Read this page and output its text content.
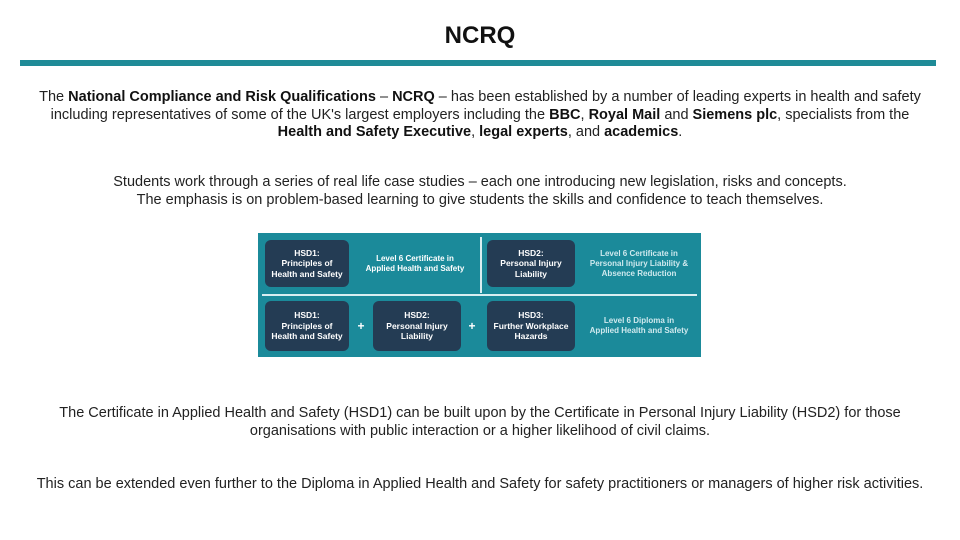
NCRQ
The National Compliance and Risk Qualifications – NCRQ – has been established by a number of leading experts in health and safety including representatives of some of the UK's largest employers including the BBC, Royal Mail and Siemens plc, specialists from the Health and Safety Executive, legal experts, and academics.
Students work through a series of real life case studies – each one introducing new legislation, risks and concepts.
The emphasis is on problem-based learning to give students the skills and confidence to teach themselves.
HSD1:
Principles of
Health and Safety
Level 6 Certificate in
Applied Health and Safety
HSD2:
Personal Injury
Liability
Level 6 Certificate in
Personal Injury Liability &
Absence Reduction
HSD1:
Principles of
Health and Safety
+
HSD2:
Personal Injury
Liability
+
HSD3:
Further Workplace
Hazards
Level 6 Diploma in
Applied Health and Safety
The Certificate in Applied Health and Safety (HSD1) can be built upon by the Certificate in Personal Injury Liability (HSD2) for those organisations with public interaction or a higher likelihood of civil claims.
This can be extended even further to the Diploma in Applied Health and Safety for safety practitioners or managers of higher risk activities.
